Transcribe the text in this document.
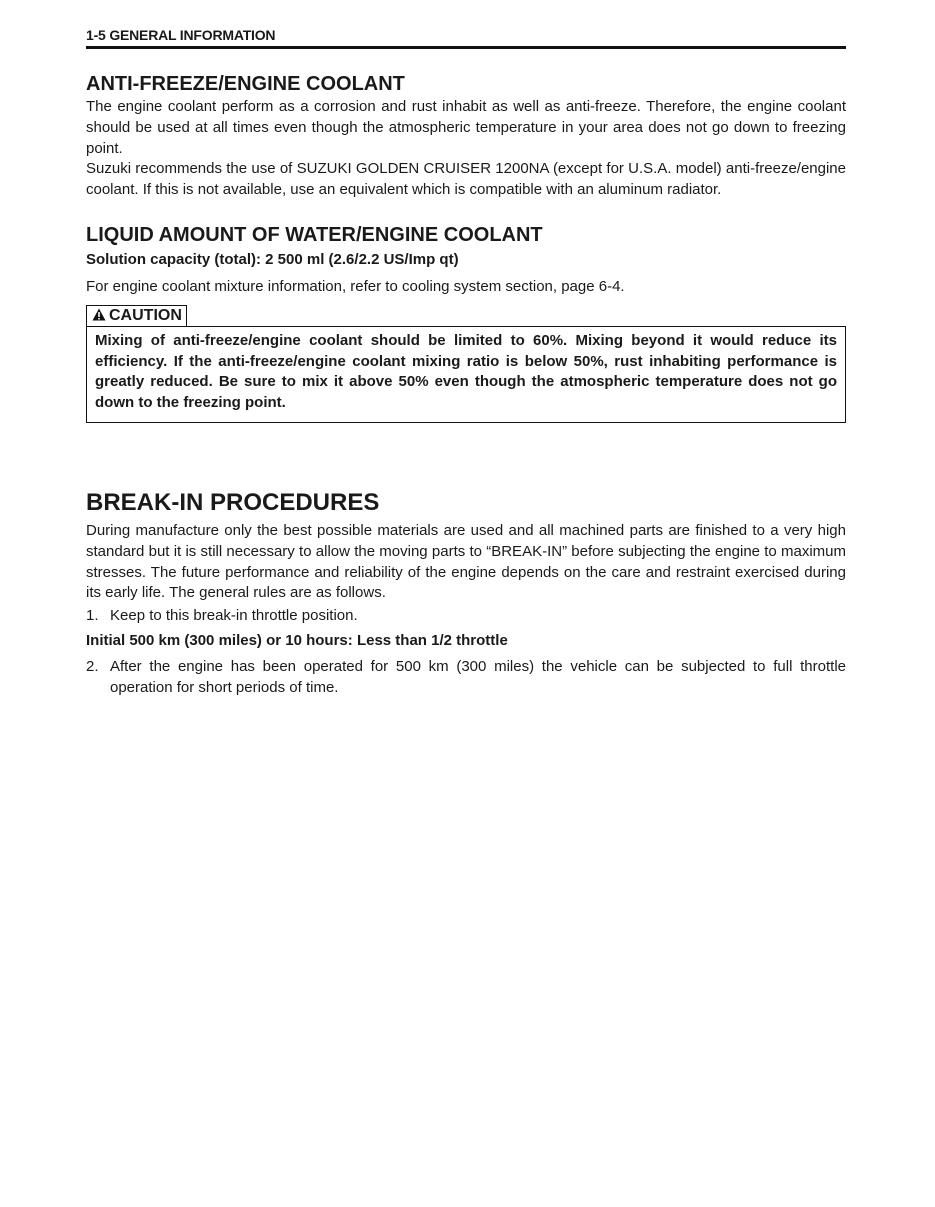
1-5 GENERAL INFORMATION
ANTI-FREEZE/ENGINE COOLANT

The engine coolant perform as a corrosion and rust inhabit as well as anti-freeze. Therefore, the engine coolant should be used at all times even though the atmospheric temperature in your area does not go down to freezing point.

Suzuki recommends the use of SUZUKI GOLDEN CRUISER 1200NA (except for U.S.A. model) anti-freeze/engine coolant. If this is not available, use an equivalent which is compatible with an aluminum radiator.

LIQUID AMOUNT OF WATER/ENGINE COOLANT

Solution capacity (total): 2 500 ml (2.6/2.2 US/Imp qt)

For engine coolant mixture information, refer to cooling system section, page 6-4.

CAUTION

Mixing of anti-freeze/engine coolant should be limited to 60%. Mixing beyond it would reduce its efficiency. If the anti-freeze/engine coolant mixing ratio is below 50%, rust inhabiting performance is greatly reduced. Be sure to mix it above 50% even though the atmospheric temperature does not go down to the freezing point.

BREAK-IN PROCEDURES

During manufacture only the best possible materials are used and all machined parts are finished to a very high standard but it is still necessary to allow the moving parts to “BREAK-IN” before subjecting the engine to maximum stresses. The future performance and reliability of the engine depends on the care and restraint exercised during its early life. The general rules are as follows.

1. Keep to this break-in throttle position.

Initial 500 km (300 miles) or 10 hours: Less than 1/2 throttle

2. After the engine has been operated for 500 km (300 miles) the vehicle can be subjected to full throttle operation for short periods of time.
